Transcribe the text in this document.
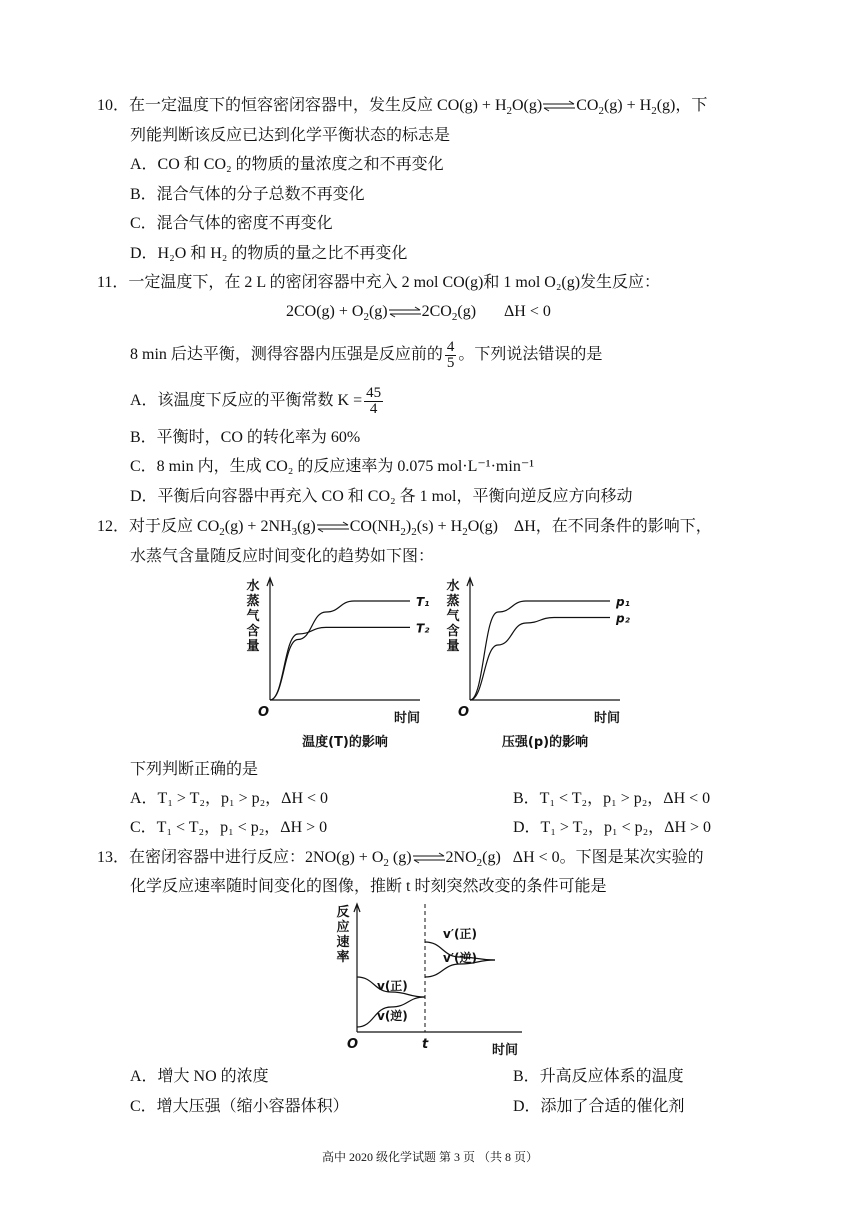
10．在一定温度下的恒容密闭容器中，发生反应 $CO(g) + H_2O(g)\rightleftharpoons CO_2(g) + H_2(g)$，下
列能判断该反应已达到化学平衡状态的标志是
A．CO 和 CO₂ 的物质的量浓度之和不再变化
B．混合气体的分子总数不再变化
C．混合气体的密度不再变化
D．H₂O 和 H₂ 的物质的量之比不再变化
11．一定温度下，在 2 L 的密闭容器中充入 2 mol CO(g)和 1 mol O₂(g)发生反应：
$2CO(g) + O_2(g)\rightleftharpoons 2CO_2(g)$       ΔH < 0
8 min 后达平衡，测得容器内压强是反应前的 $\frac{4}{5}$ 。下列说法错误的是
A．该温度下反应的平衡常数 $K = \frac{45}{4}$
B．平衡时，CO 的转化率为 60%
C．8 min 内，生成 CO₂ 的反应速率为 0.075 mol·L⁻¹·min⁻¹
D．平衡后向容器中再充入 CO 和 CO₂ 各 1 mol，平衡向逆反应方向移动
12．对于反应 $CO_2(g)$ + $2NH_3(g)\rightleftharpoons CO(NH_2)_2(s) + H_2O(g)$    ΔH，在不同条件的影响下，
水蒸气含量随反应时间变化的趋势如下图：
水
蒸
气
含
量
O	时间
温度(T)的影响
T₁
T₂
水
蒸
气
含
量
O	时间
压强(p)的影响
p₁
p₂
下列判断正确的是
A．T₁ > T₂，p₁ > p₂，ΔH < 0	B．T₁ < T₂，p₁ > p₂，ΔH < 0
C．T₁ < T₂，p₁ < p₂，ΔH > 0	D．T₁ > T₂，p₁ < p₂，ΔH > 0
13．在密闭容器中进行反应：$2NO(g) + O_2$ $(g)\rightleftharpoons 2NO_2(g) \Delta H < 0$。下图是某次实验的
化学反应速率随时间变化的图像，推断 t 时刻突然改变的条件可能是
反
应
速
率
O	时间
t
v(正)
v′(正)
v(逆)
v′(逆)
A．增大 NO 的浓度	B．升高反应体系的温度
C．增大压强（缩小容器体积）	D．添加了合适的催化剂
高中 2020 级化学试题 第 3 页 （共 8 页）
